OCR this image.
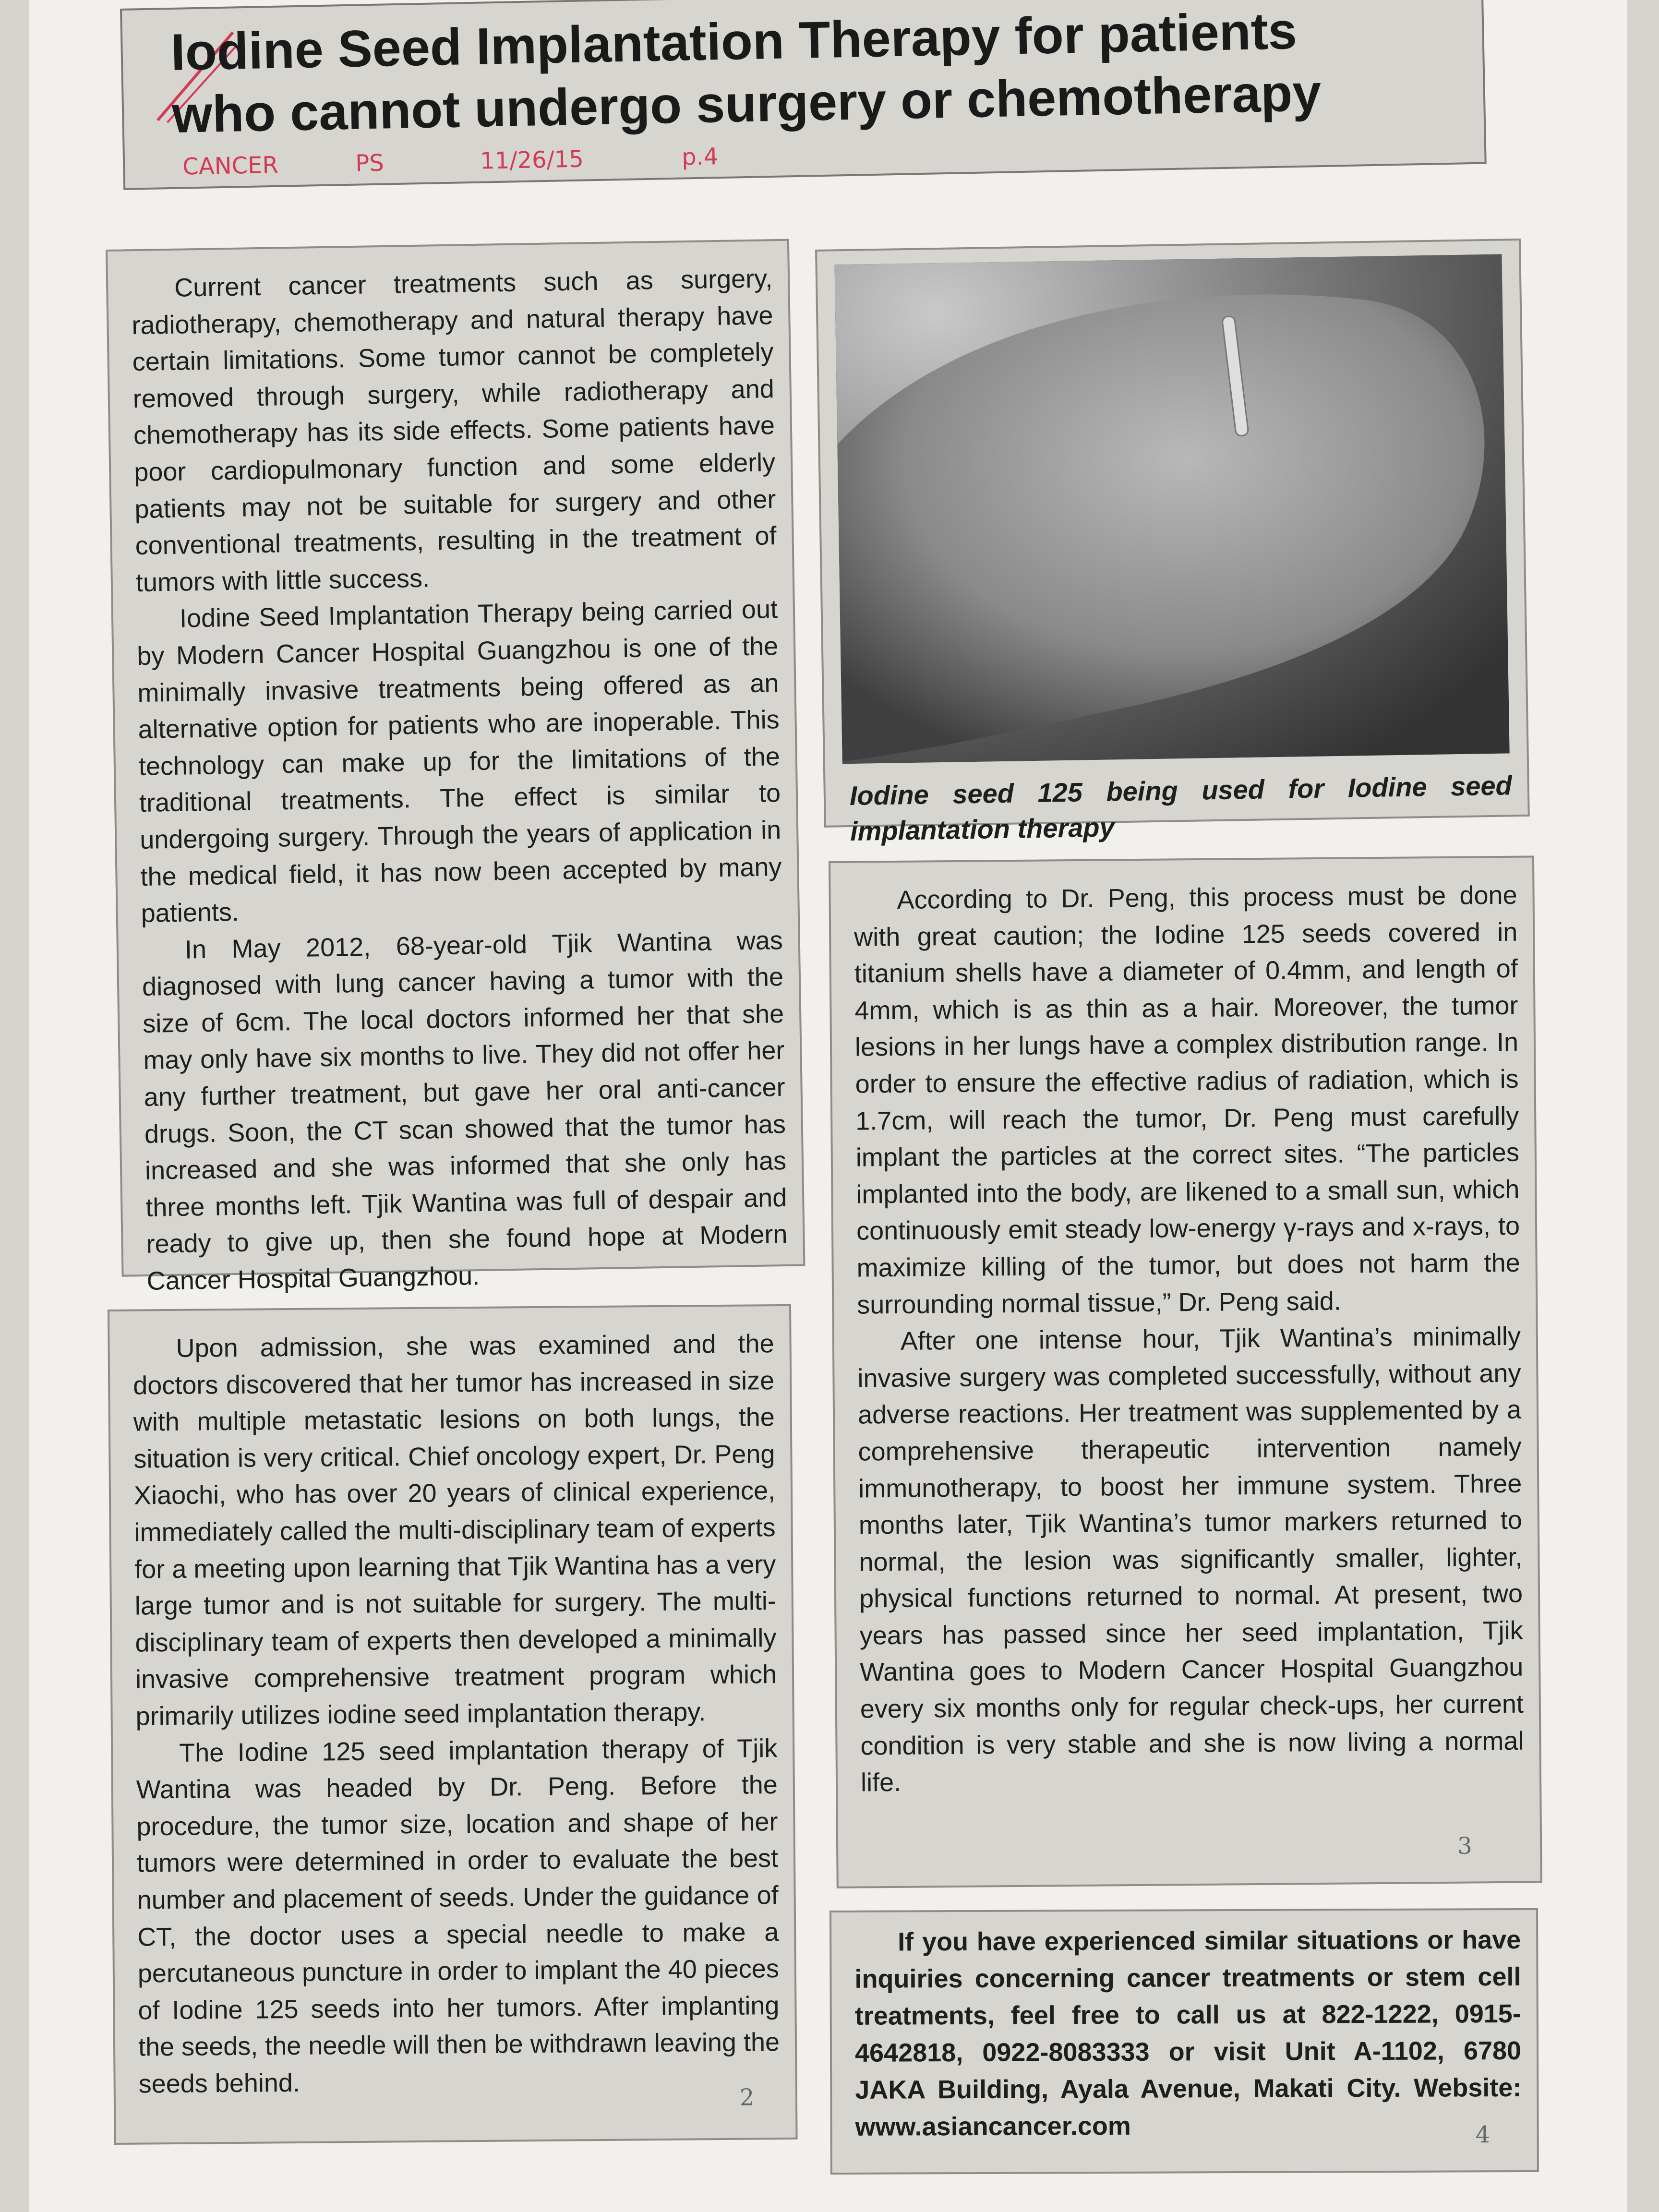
Iodine Seed Implantation Therapy for patients
who cannot undergo surgery or chemotherapy
CANCER	PS	11/26/15	p.4

Current cancer treatments such as surgery, radiotherapy, chemotherapy and natural therapy have certain limitations. Some tumor cannot be completely removed through surgery, while radiotherapy and chemotherapy has its side effects. Some patients have poor cardiopulmonary function and some elderly patients may not be suitable for surgery and other conventional treatments, resulting in the treatment of tumors with little success.

Iodine Seed Implantation Therapy being carried out by Modern Cancer Hospital Guangzhou is one of the minimally invasive treatments being offered as an alternative option for patients who are inoperable. This technology can make up for the limitations of the traditional treatments. The effect is similar to undergoing surgery. Through the years of application in the medical field, it has now been accepted by many patients.

In May 2012, 68-year-old Tjik Wantina was diagnosed with lung cancer having a tumor with the size of 6cm. The local doctors informed her that she may only have six months to live. They did not offer her any further treatment, but gave her oral anti-cancer drugs. Soon, the CT scan showed that the tumor has increased and she was informed that she only has three months left. Tjik Wantina was full of despair and ready to give up, then she found hope at Modern Cancer Hospital Guangzhou.

Upon admission, she was examined and the doctors discovered that her tumor has increased in size with multiple metastatic lesions on both lungs, the situation is very critical. Chief oncology expert, Dr. Peng Xiaochi, who has over 20 years of clinical experience, immediately called the multi-disciplinary team of experts for a meeting upon learning that Tjik Wantina has a very large tumor and is not suitable for surgery. The multi-disciplinary team of experts then developed a minimally invasive comprehensive treatment program which primarily utilizes iodine seed implantation therapy.

The Iodine 125 seed implantation therapy of Tjik Wantina was headed by Dr. Peng. Before the procedure, the tumor size, location and shape of her tumors were determined in order to evaluate the best number and placement of seeds. Under the guidance of CT, the doctor uses a special needle to make a percutaneous puncture in order to implant the 40 pieces of Iodine 125 seeds into her tumors. After implanting the seeds, the needle will then be withdrawn leaving the seeds behind.	2
Iodine seed 125 being used for Iodine seed implantation therapy

According to Dr. Peng, this process must be done with great caution; the Iodine 125 seeds covered in titanium shells have a diameter of 0.4mm, and length of 4mm, which is as thin as a hair. Moreover, the tumor lesions in her lungs have a complex distribution range. In order to ensure the effective radius of radiation, which is 1.7cm, will reach the tumor, Dr. Peng must carefully implant the particles at the correct sites. “The particles implanted into the body, are likened to a small sun, which continuously emit steady low-energy γ-rays and x-rays, to maximize killing of the tumor, but does not harm the surrounding normal tissue,” Dr. Peng said.

After one intense hour, Tjik Wantina’s minimally invasive surgery was completed successfully, without any adverse reactions. Her treatment was supplemented by a comprehensive therapeutic intervention namely immunotherapy, to boost her immune system. Three months later, Tjik Wantina’s tumor markers returned to normal, the lesion was significantly smaller, lighter, physical functions returned to normal. At present, two years has passed since her seed implantation, Tjik Wantina goes to Modern Cancer Hospital Guangzhou every six months only for regular check-ups, her current condition is very stable and she is now living a normal life.

3

If you have experienced similar situations or have inquiries concerning cancer treatments or stem cell treatments, feel free to call us at 822-1222, 0915-4642818, 0922-8083333 or visit Unit A-1102, 6780 JAKA Building, Ayala Avenue, Makati City. Website: www.asiancancer.com	4
